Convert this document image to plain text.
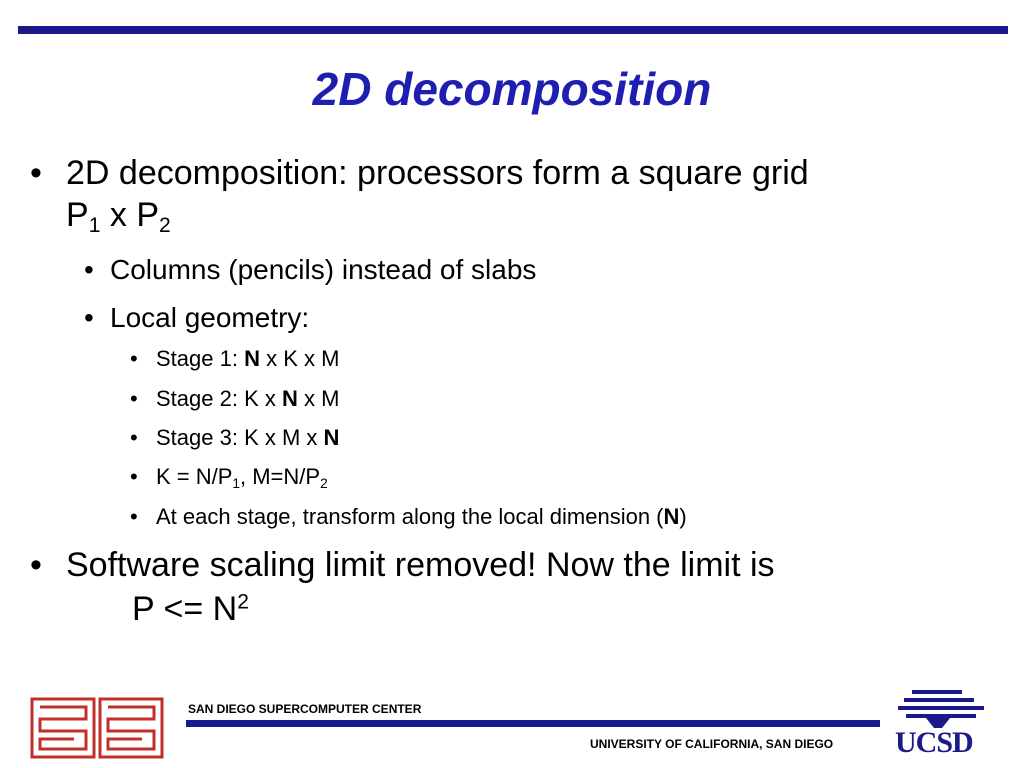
2D decomposition
• 2D decomposition: processors form a square grid
$P_1$ x $P_2$
• Columns (pencils) instead of slabs
• Local geometry:
• Stage 1: N x K x M
• Stage 2: K x N x M
• Stage 3: K x M x N
• $K = N/P_1$, $M=N/P_2$
• At each stage, transform along the local dimension (N)
• Software scaling limit removed! Now the limit is
$P <= N^2$
SAN DIEGO SUPERCOMPUTER CENTER
UNIVERSITY OF CALIFORNIA, SAN DIEGO UCSD
